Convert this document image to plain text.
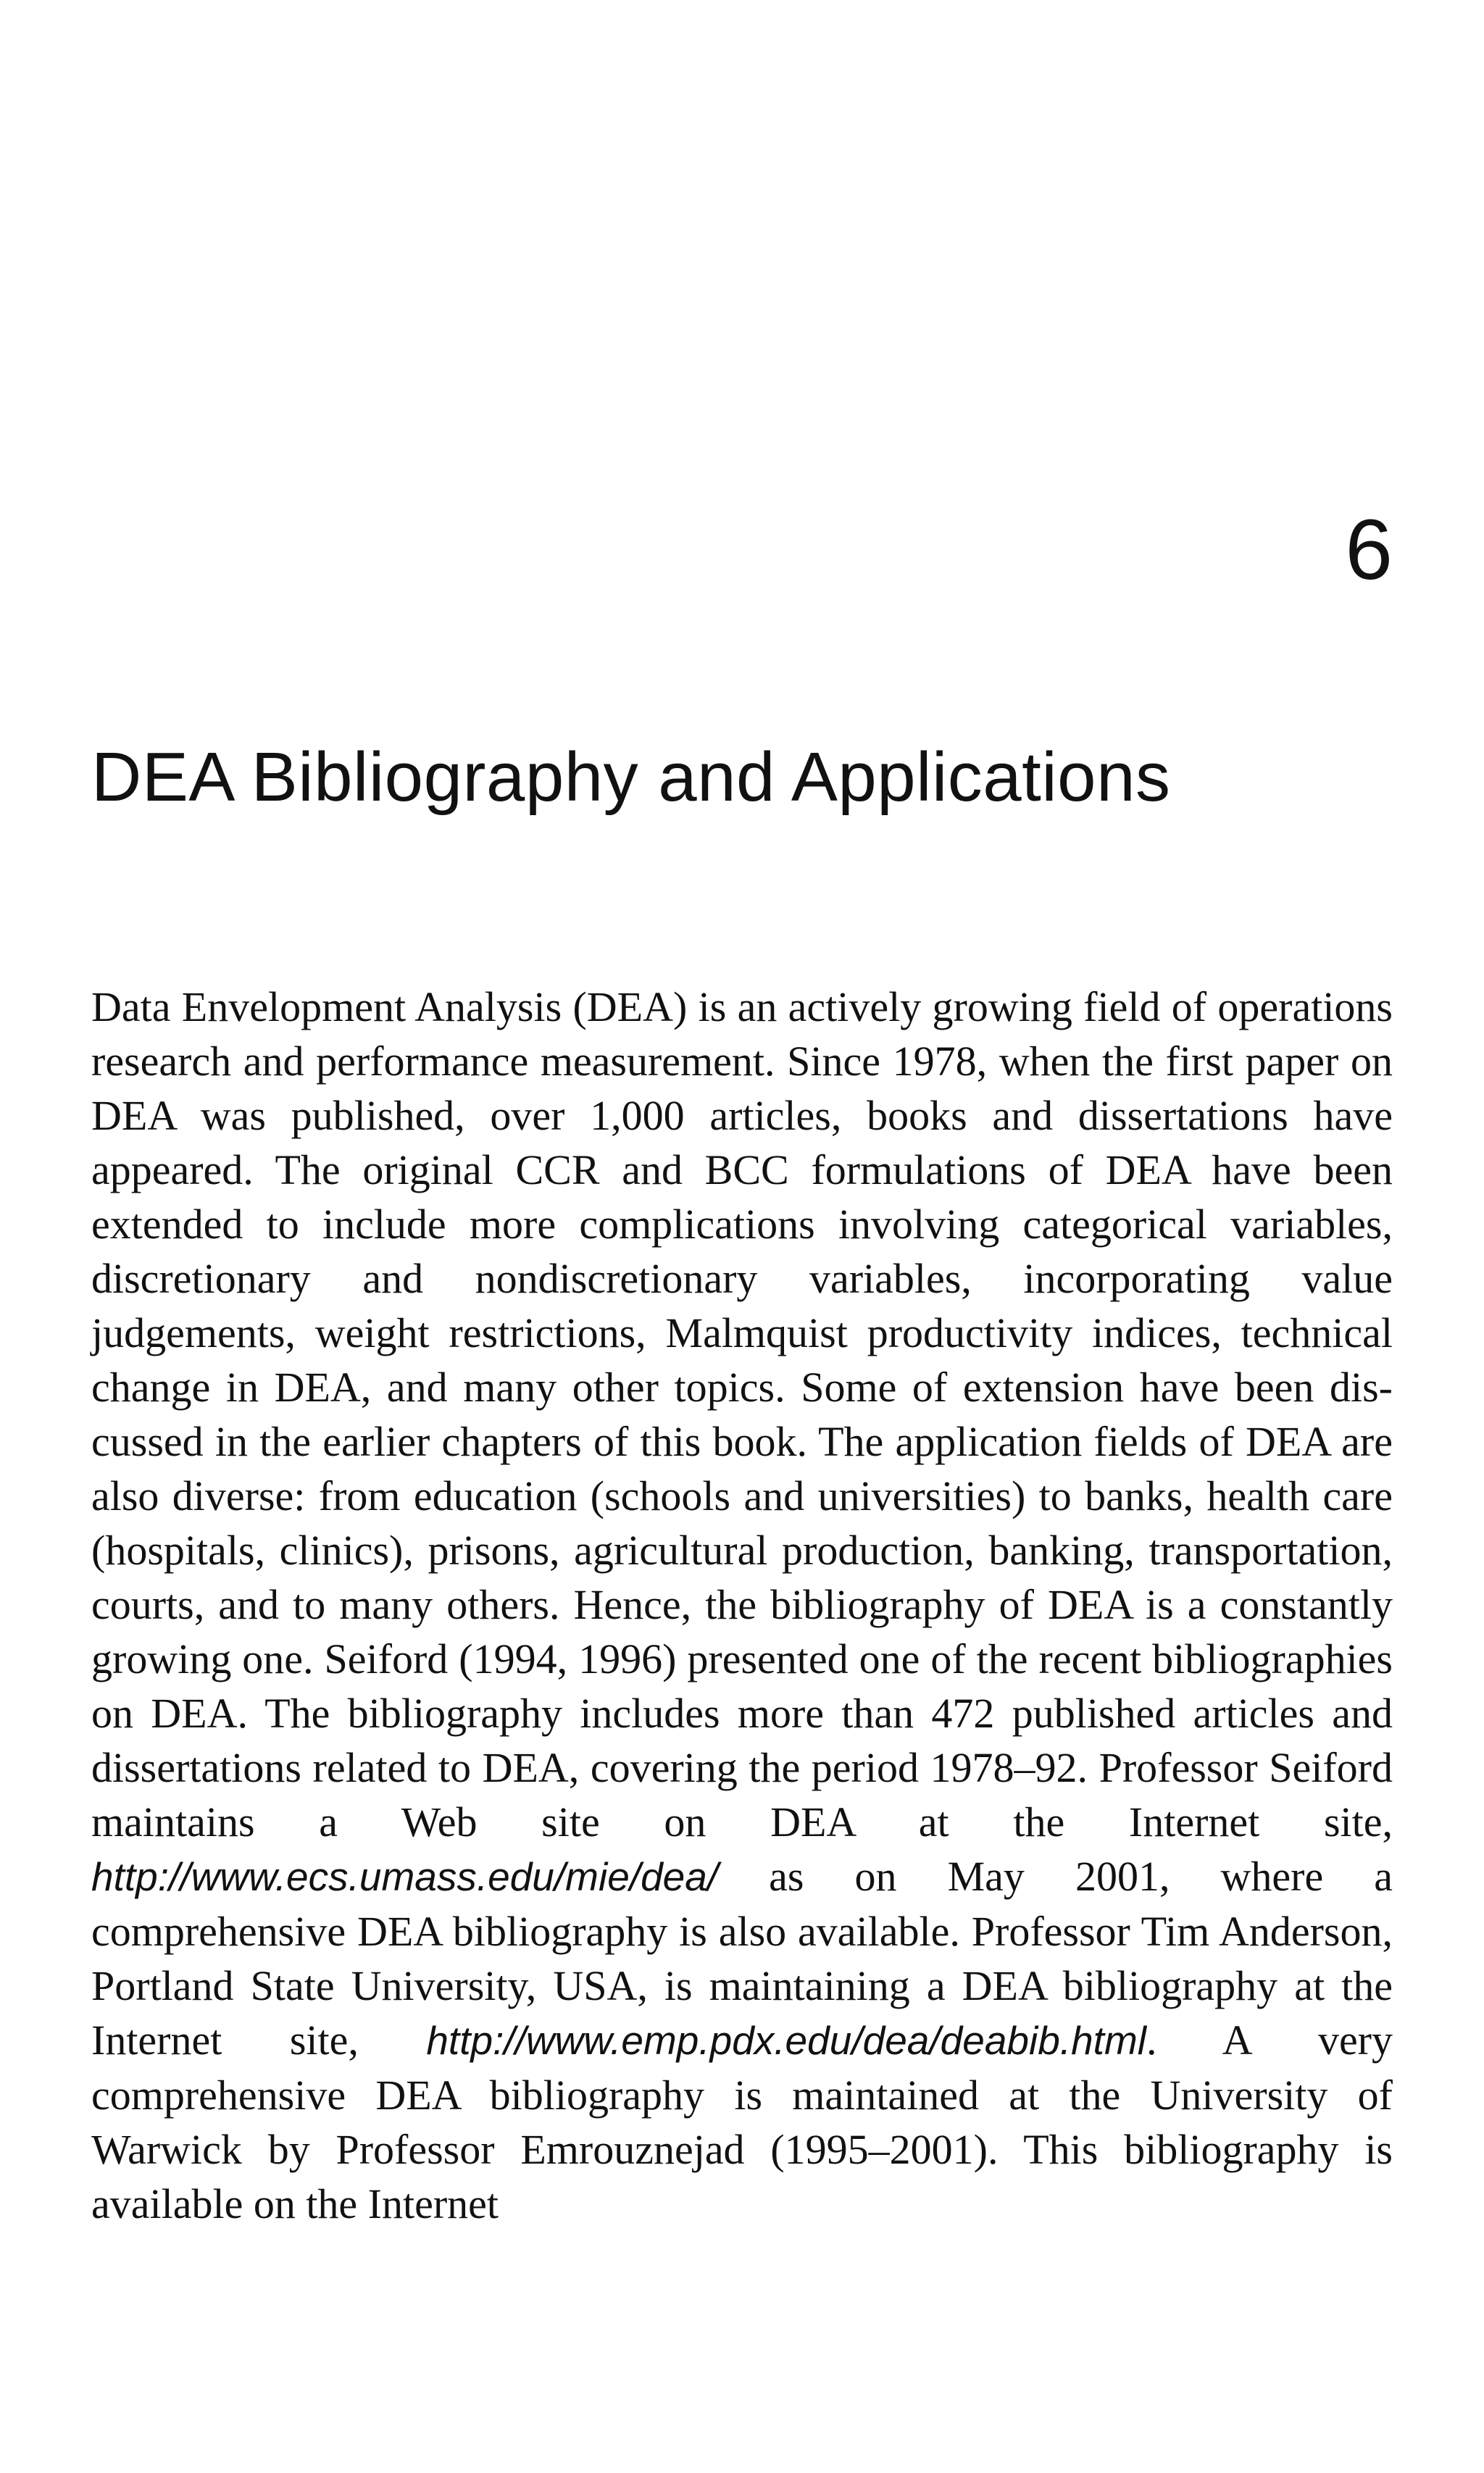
6
DEA Bibliography and Applications

Data Envelopment Analysis (DEA) is an actively growing field of operations research and performance measurement. Since 1978, when the first paper on DEA was published, over 1,000 articles, books and dissertations have appeared. The original CCR and BCC formulations of DEA have been extended to include more complications involving categorical variables, discretionary and nondiscretionary variables, incorporating value judgements, weight restrictions, Malmquist productivity indices, technical change in DEA, and many other topics. Some of extension have been discussed in the earlier chapters of this book. The application fields of DEA are also diverse: from education (schools and universities) to banks, health care (hospitals, clinics), prisons, agricultural production, banking, transportation, courts, and to many others. Hence, the bibliography of DEA is a constantly growing one. Seiford (1994, 1996) presented one of the recent bibliographies on DEA. The bibliography includes more than 472 published articles and dissertations related to DEA, covering the period 1978–92. Professor Seiford maintains a Web site on DEA at the Internet site, http://www.ecs.umass.edu/mie/dea/ as on May 2001, where a comprehensive DEA bibliography is also available. Professor Tim Anderson, Portland State University, USA, is maintaining a DEA bibliography at the Internet site, http://www.emp.​pdx.edu/dea/deabib.html. A very comprehensive DEA bibliography is maintained at the University of Warwick by Professor Emrouznejad (1995–2001). This bibliography is available on the Internet
